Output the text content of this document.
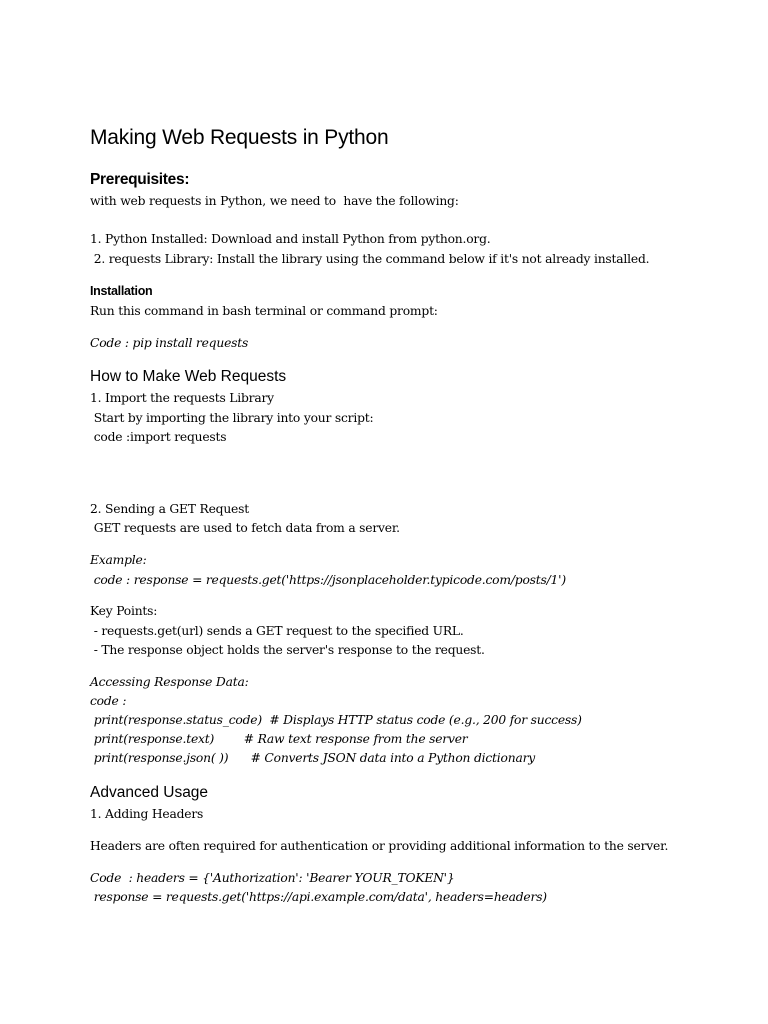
Making Web Requests in Python
Prerequisites:
with web requests in Python, we need to  have the following:
1. Python Installed: Download and install Python from python.org.
2. requests Library: Install the library using the command below if it's not already installed.
Installation
Run this command in bash terminal or command prompt:
Code : pip install requests
How to Make Web Requests
1. Import the requests Library
Start by importing the library into your script:
code :import requests
2. Sending a GET Request
GET requests are used to fetch data from a server.
Example:
code : response = requests.get('https://jsonplaceholder.typicode.com/posts/1')
Key Points:
- requests.get(url) sends a GET request to the specified URL.
- The response object holds the server's response to the request.
Accessing Response Data:
code :
print(response.status_code)  # Displays HTTP status code (e.g., 200 for success)
print(response.text)        # Raw text response from the server
print(response.json( ))      # Converts JSON data into a Python dictionary
Advanced Usage
1. Adding Headers
Headers are often required for authentication or providing additional information to the server.
Code  : headers = {'Authorization': 'Bearer YOUR_TOKEN'}
response = requests.get('https://api.example.com/data', headers=headers)
